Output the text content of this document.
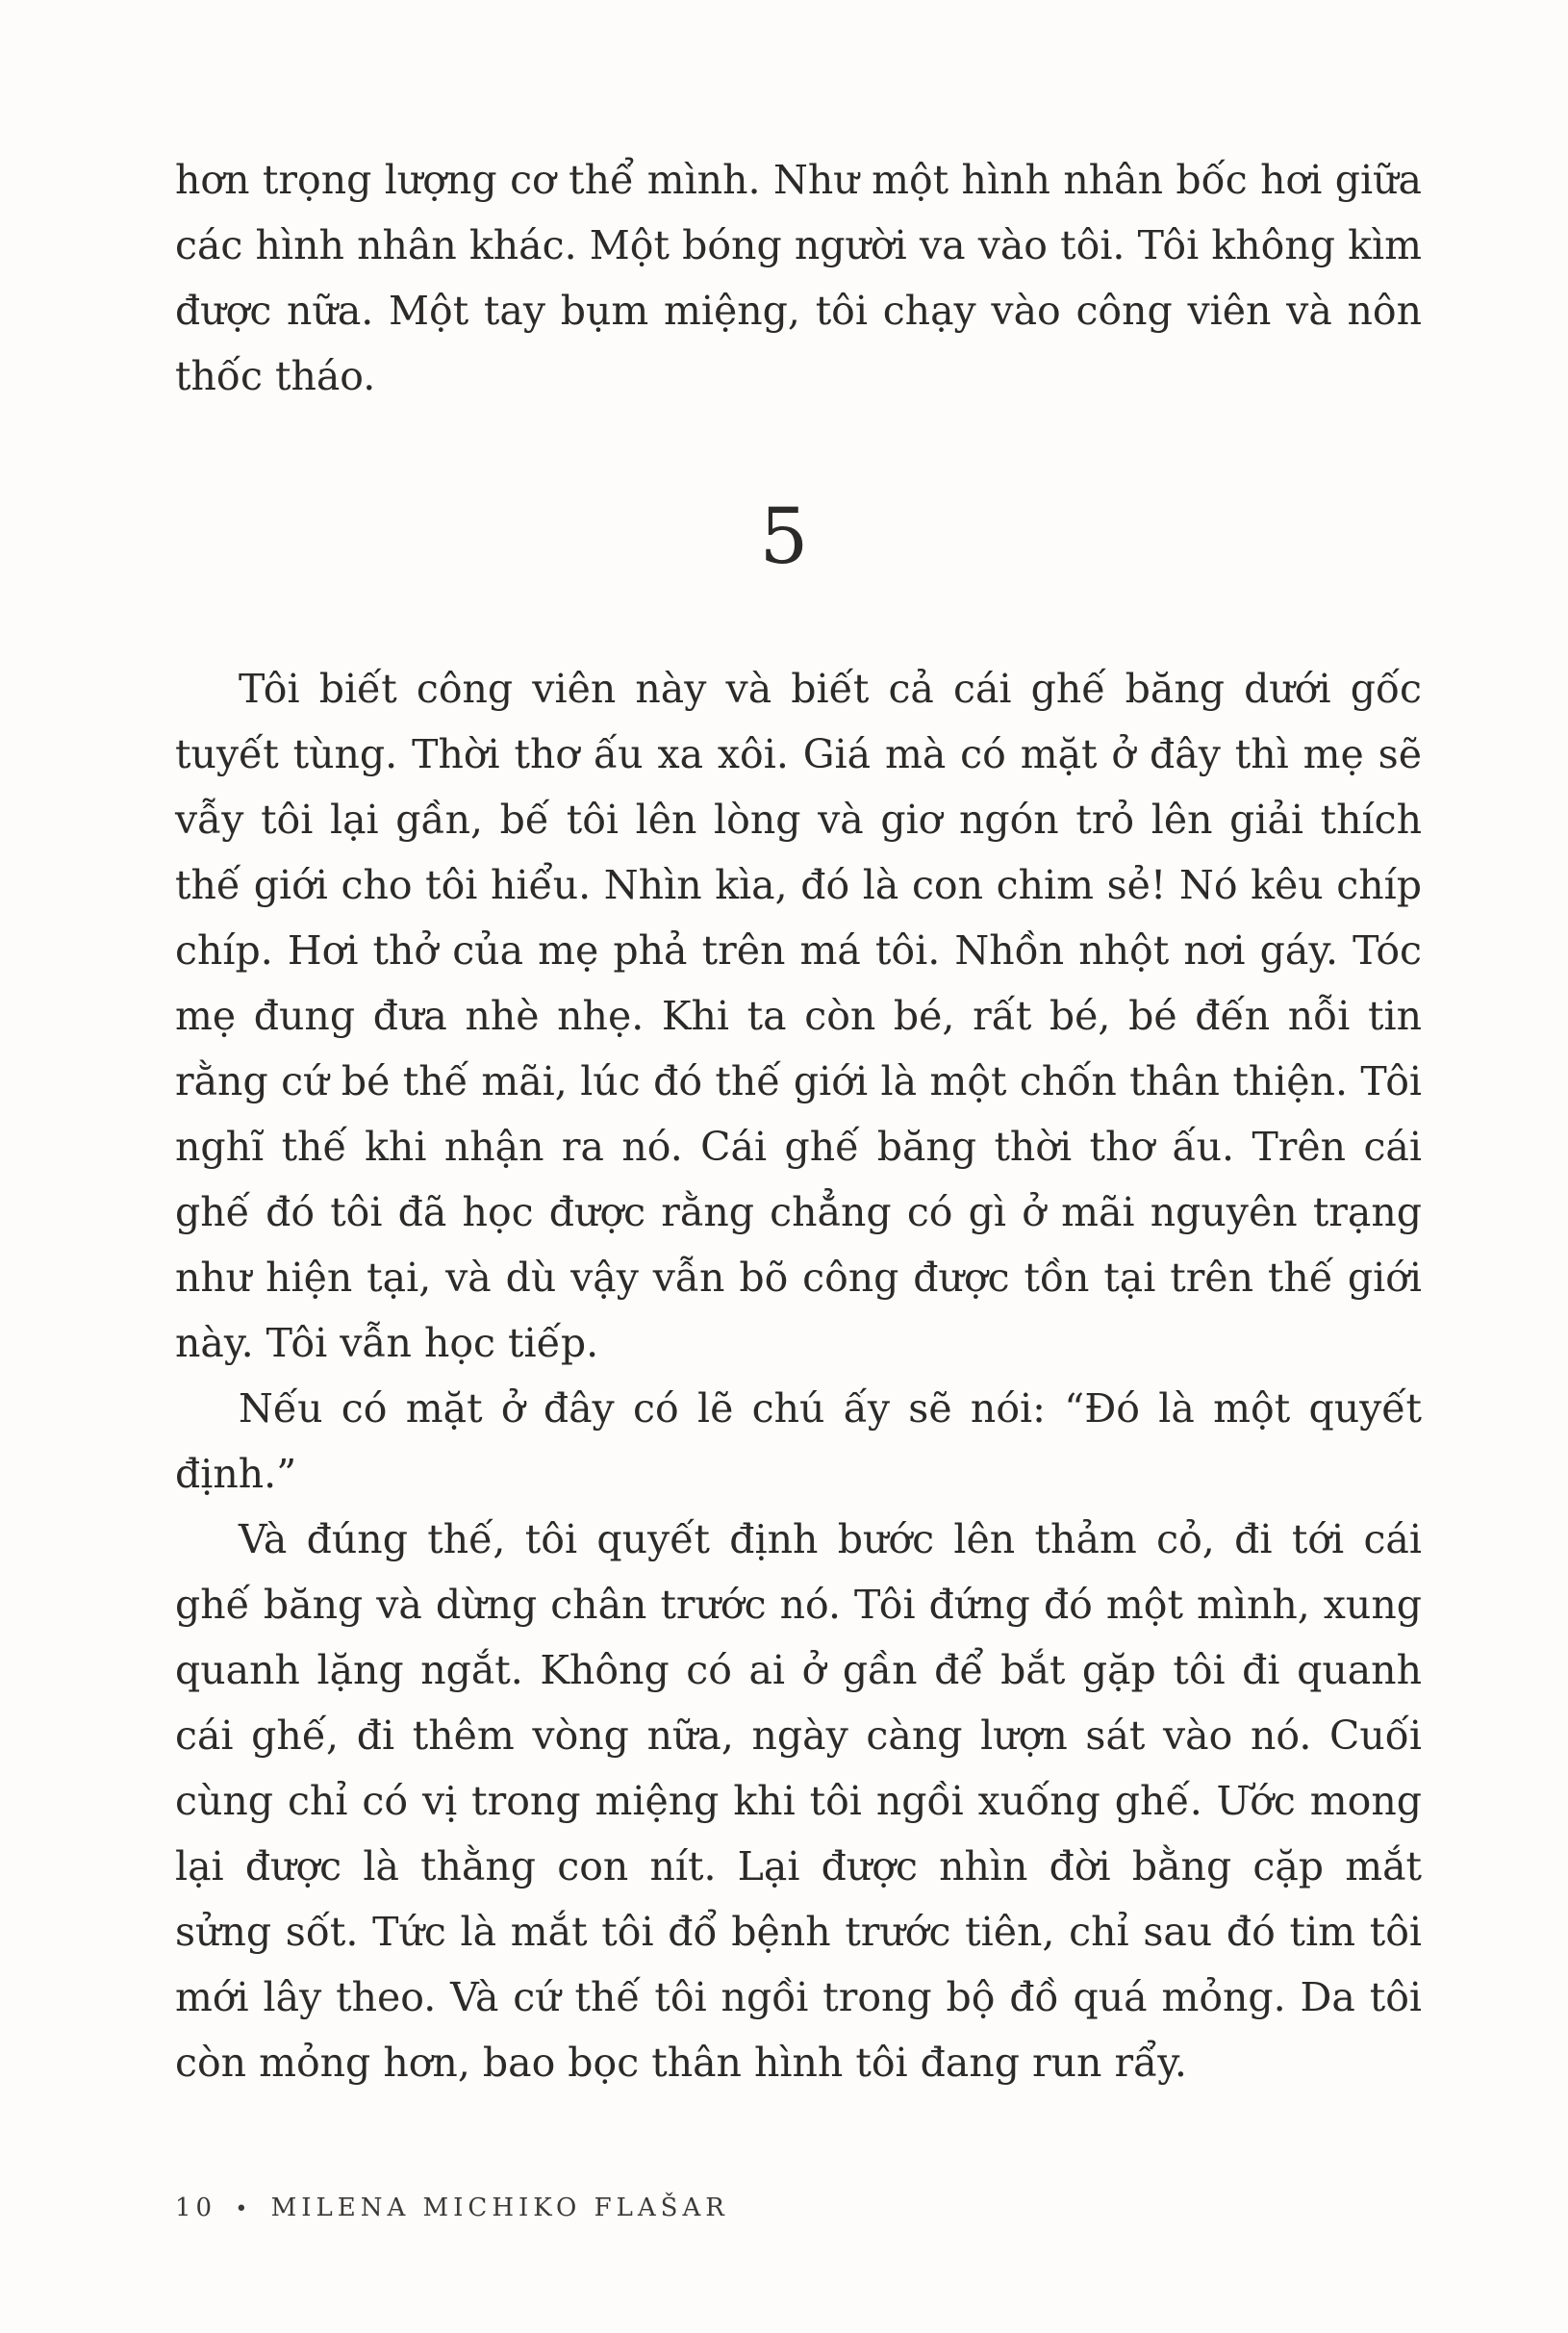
hơn trọng lượng cơ thể mình. Như một hình nhân bốc hơi giữa các hình nhân khác. Một bóng người va vào tôi. Tôi không kìm được nữa. Một tay bụm miệng, tôi chạy vào công viên và nôn thốc tháo.

5

Tôi biết công viên này và biết cả cái ghế băng dưới gốc tuyết tùng. Thời thơ ấu xa xôi. Giá mà có mặt ở đây thì mẹ sẽ vẫy tôi lại gần, bế tôi lên lòng và giơ ngón trỏ lên giải thích thế giới cho tôi hiểu. Nhìn kìa, đó là con chim sẻ! Nó kêu chíp chíp. Hơi thở của mẹ phả trên má tôi. Nhồn nhột nơi gáy. Tóc mẹ đung đưa nhè nhẹ. Khi ta còn bé, rất bé, bé đến nỗi tin rằng cứ bé thế mãi, lúc đó thế giới là một chốn thân thiện. Tôi nghĩ thế khi nhận ra nó. Cái ghế băng thời thơ ấu. Trên cái ghế đó tôi đã học được rằng chẳng có gì ở mãi nguyên trạng như hiện tại, và dù vậy vẫn bõ công được tồn tại trên thế giới này. Tôi vẫn học tiếp.

Nếu có mặt ở đây có lẽ chú ấy sẽ nói: “Đó là một quyết định.”

Và đúng thế, tôi quyết định bước lên thảm cỏ, đi tới cái ghế băng và dừng chân trước nó. Tôi đứng đó một mình, xung quanh lặng ngắt. Không có ai ở gần để bắt gặp tôi đi quanh cái ghế, đi thêm vòng nữa, ngày càng lượn sát vào nó. Cuối cùng chỉ có vị trong miệng khi tôi ngồi xuống ghế. Ước mong lại được là thằng con nít. Lại được nhìn đời bằng cặp mắt sửng sốt. Tức là mắt tôi đổ bệnh trước tiên, chỉ sau đó tim tôi mới lây theo. Và cứ thế tôi ngồi trong bộ đồ quá mỏng. Da tôi còn mỏng hơn, bao bọc thân hình tôi đang run rẩy.

10 • MILENA MICHIKO FLAŠAR
